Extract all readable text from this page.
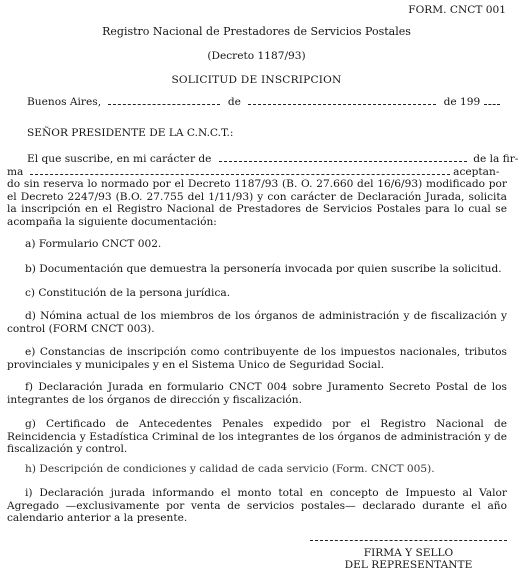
FORM. CNCT 001
Registro Nacional de Prestadores de Servicios Postales
(Decreto 1187/93)
SOLICITUD DE INSCRIPCION
Buenos Aires,	de	de 199
SEÑOR PRESIDENTE DE LA C.N.C.T.:
El que suscribe, en mi carácter de	de la fir-
ma	aceptan-
do sin reserva lo normado por el Decreto 1187/93 (B. O. 27.660 del 16/6/93) modificado por el Decreto 2247/93 (B.O. 27.755 del 1/11/93) y con carácter de Declaración Jurada, solicita la inscripción en el Registro Nacional de Prestadores de Servicios Postales para lo cual se acompaña la siguiente documentación:
a) Formulario CNCT 002.
b) Documentación que demuestra la personería invocada por quien suscribe la solicitud.
c) Constitución de la persona jurídica.
d) Nómina actual de los miembros de los órganos de administración y de fiscalización y control (FORM CNCT 003).
e) Constancias de inscripción como contribuyente de los impuestos nacionales, tributos provinciales y municipales y en el Sistema Unico de Seguridad Social.
f) Declaración Jurada en formulario CNCT 004 sobre Juramento Secreto Postal de los integrantes de los órganos de dirección y fiscalización.
g) Certificado de Antecedentes Penales expedido por el Registro Nacional de Reincidencia y Estadística Criminal de los integrantes de los órganos de administración y de fiscalización y control.
h) Descripción de condiciones y calidad de cada servicio (Form. CNCT 005).
i) Declaración jurada informando el monto total en concepto de Impuesto al Valor Agregado —exclusivamente por venta de servicios postales— declarado durante el año calendario anterior a la presente.
FIRMA Y SELLO
DEL REPRESENTANTE
